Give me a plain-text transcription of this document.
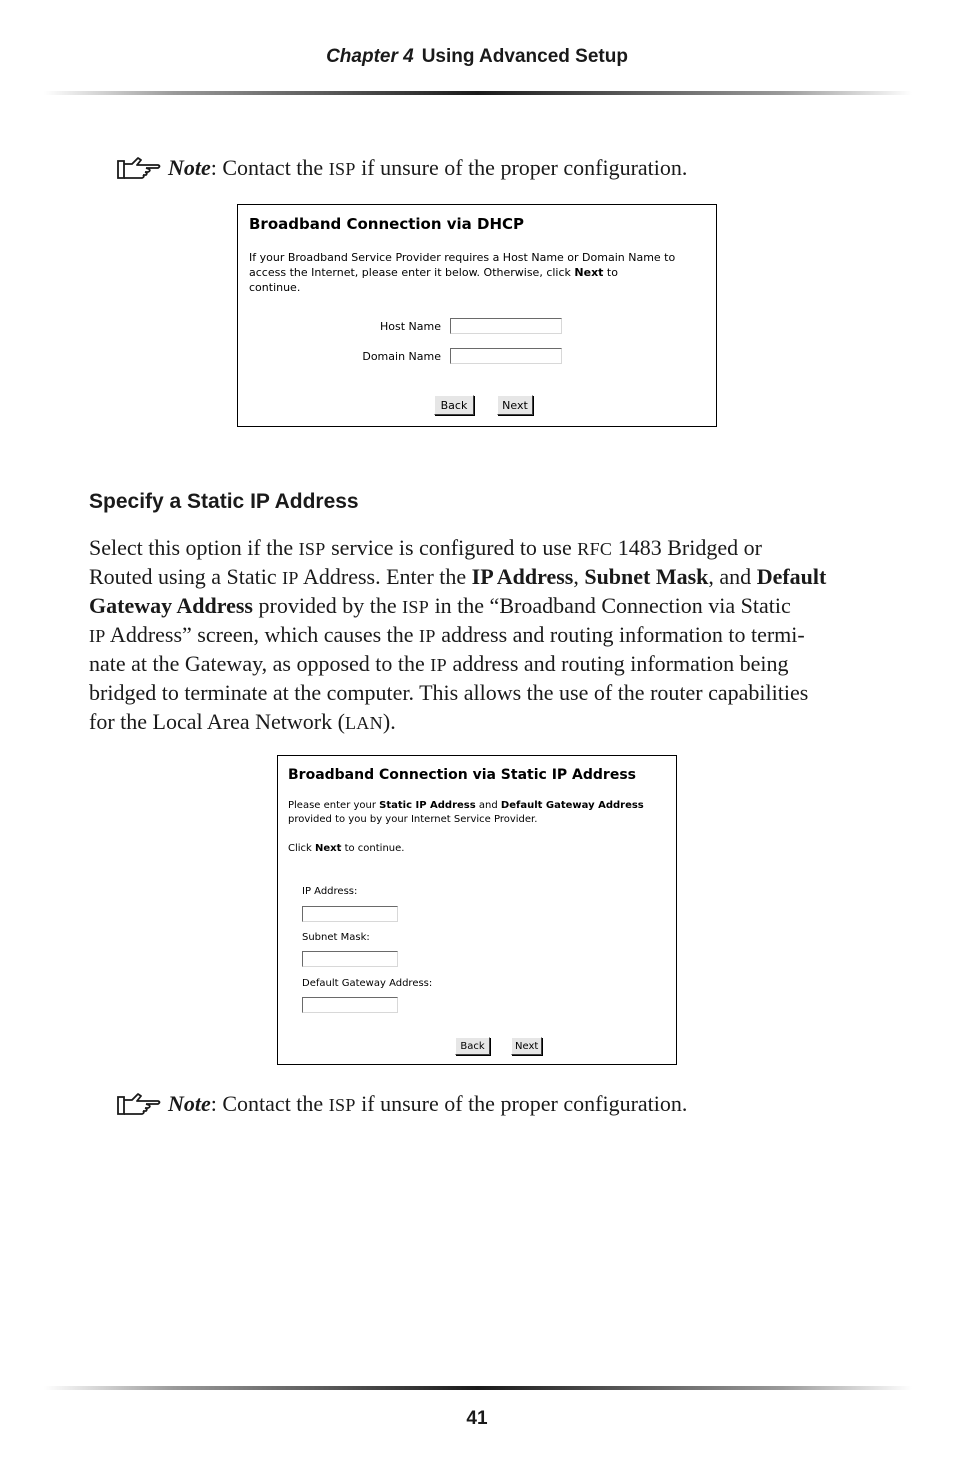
Chapter 4 Using Advanced Setup
Note: Contact the ISP if unsure of the proper configuration.
Broadband Connection via DHCP
If your Broadband Service Provider requires a Host Name or Domain Name to
access the Internet, please enter it below. Otherwise, click Next to
continue.
Host Name
Domain Name
Back	Next
Specify a Static IP Address
Select this option if the ISP service is configured to use RFC 1483 Bridged or
Routed using a Static IP Address. Enter the IP Address, Subnet Mask, and Default
Gateway Address provided by the ISP in the “Broadband Connection via Static
IP Address” screen, which causes the IP address and routing information to termi-
nate at the Gateway, as opposed to the IP address and routing information being
bridged to terminate at the computer. This allows the use of the router capabilities
for the Local Area Network (LAN).
Broadband Connection via Static IP Address
Please enter your Static IP Address and Default Gateway Address
provided to you by your Internet Service Provider.
Click Next to continue.
IP Address:
Subnet Mask:
Default Gateway Address:
Back	Next
Note: Contact the ISP if unsure of the proper configuration.
41
